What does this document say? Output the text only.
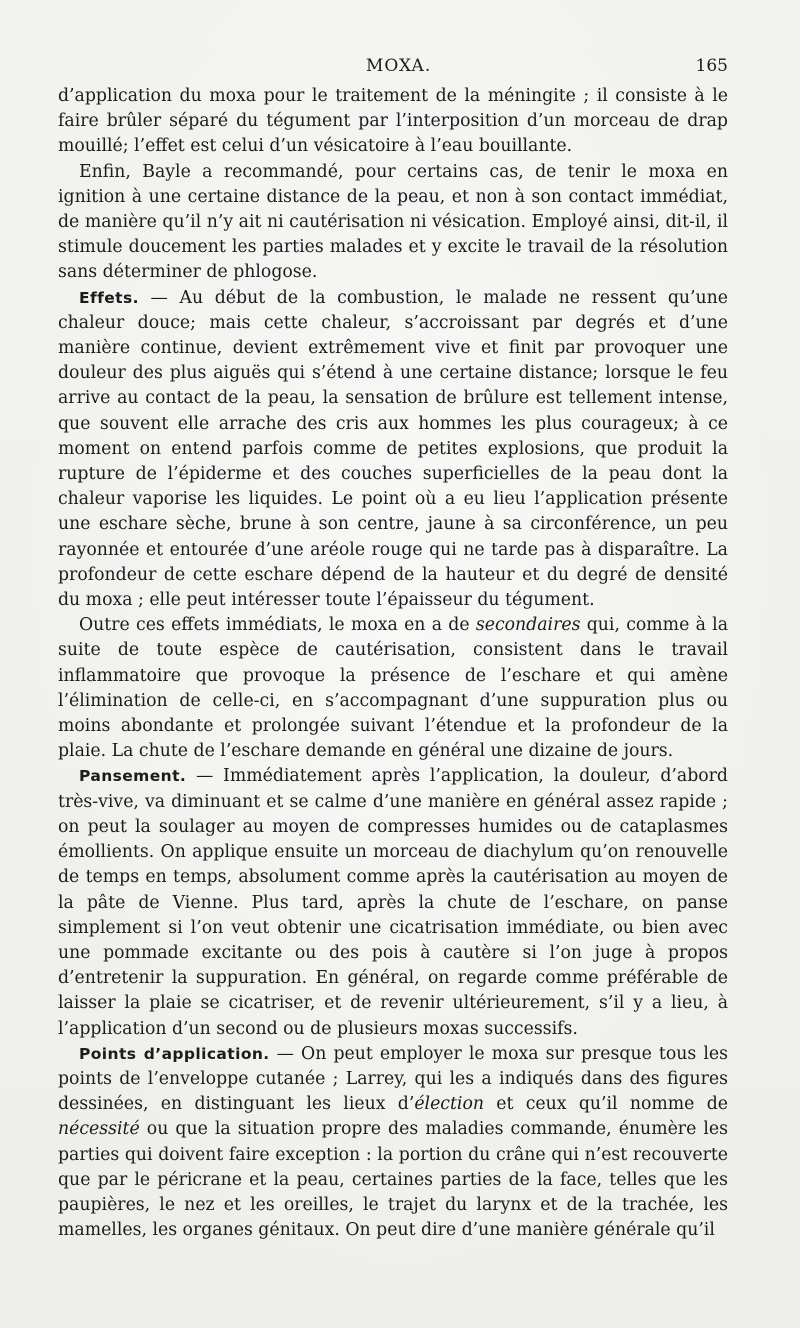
MOXA.	165

d’application du moxa pour le traitement de la méningite ; il consiste à le faire brûler séparé du tégument par l’interposition d’un morceau de drap mouillé; l’effet est celui d’un vésicatoire à l’eau bouillante.

Enfin, Bayle a recommandé, pour certains cas, de tenir le moxa en ignition à une certaine distance de la peau, et non à son contact immédiat, de manière qu’il n’y ait ni cautérisation ni vésication. Employé ainsi, dit-il, il stimule doucement les parties malades et y excite le travail de la résolution sans déterminer de phlogose.

Effets. — Au début de la combustion, le malade ne ressent qu’une chaleur douce; mais cette chaleur, s’accroissant par degrés et d’une manière continue, devient extrêmement vive et finit par provoquer une douleur des plus aiguës qui s’étend à une certaine distance; lorsque le feu arrive au contact de la peau, la sensation de brûlure est tellement intense, que souvent elle arrache des cris aux hommes les plus courageux; à ce moment on entend parfois comme de petites explosions, que produit la rupture de l’épiderme et des couches superficielles de la peau dont la chaleur vaporise les liquides. Le point où a eu lieu l’application présente une eschare sèche, brune à son centre, jaune à sa circonférence, un peu rayonnée et entourée d’une aréole rouge qui ne tarde pas à disparaître. La profondeur de cette eschare dépend de la hauteur et du degré de densité du moxa ; elle peut intéresser toute l’épaisseur du tégument.

Outre ces effets immédiats, le moxa en a de secondaires qui, comme à la suite de toute espèce de cautérisation, consistent dans le travail inflammatoire que provoque la présence de l’eschare et qui amène l’élimination de celle-ci, en s’accompagnant d’une suppuration plus ou moins abondante et prolongée suivant l’étendue et la profondeur de la plaie. La chute de l’eschare demande en général une dizaine de jours.

Pansement. — Immédiatement après l’application, la douleur, d’abord très-vive, va diminuant et se calme d’une manière en général assez rapide ; on peut la soulager au moyen de compresses humides ou de cataplasmes émollients. On applique ensuite un morceau de diachylum qu’on renouvelle de temps en temps, absolument comme après la cautérisation au moyen de la pâte de Vienne. Plus tard, après la chute de l’eschare, on panse simplement si l’on veut obtenir une cicatrisation immédiate, ou bien avec une pommade excitante ou des pois à cautère si l’on juge à propos d’entretenir la suppuration. En général, on regarde comme préférable de laisser la plaie se cicatriser, et de revenir ultérieurement, s’il y a lieu, à l’application d’un second ou de plusieurs moxas successifs.

Points d’application. — On peut employer le moxa sur presque tous les points de l’enveloppe cutanée ; Larrey, qui les a indiqués dans des figures dessinées, en distinguant les lieux d’élection et ceux qu’il nomme de nécessité ou que la situation propre des maladies commande, énumère les parties qui doivent faire exception : la portion du crâne qui n’est recouverte que par le péricrane et la peau, certaines parties de la face, telles que les paupières, le nez et les oreilles, le trajet du larynx et de la trachée, les mamelles, les organes génitaux. On peut dire d’une manière générale qu’il
